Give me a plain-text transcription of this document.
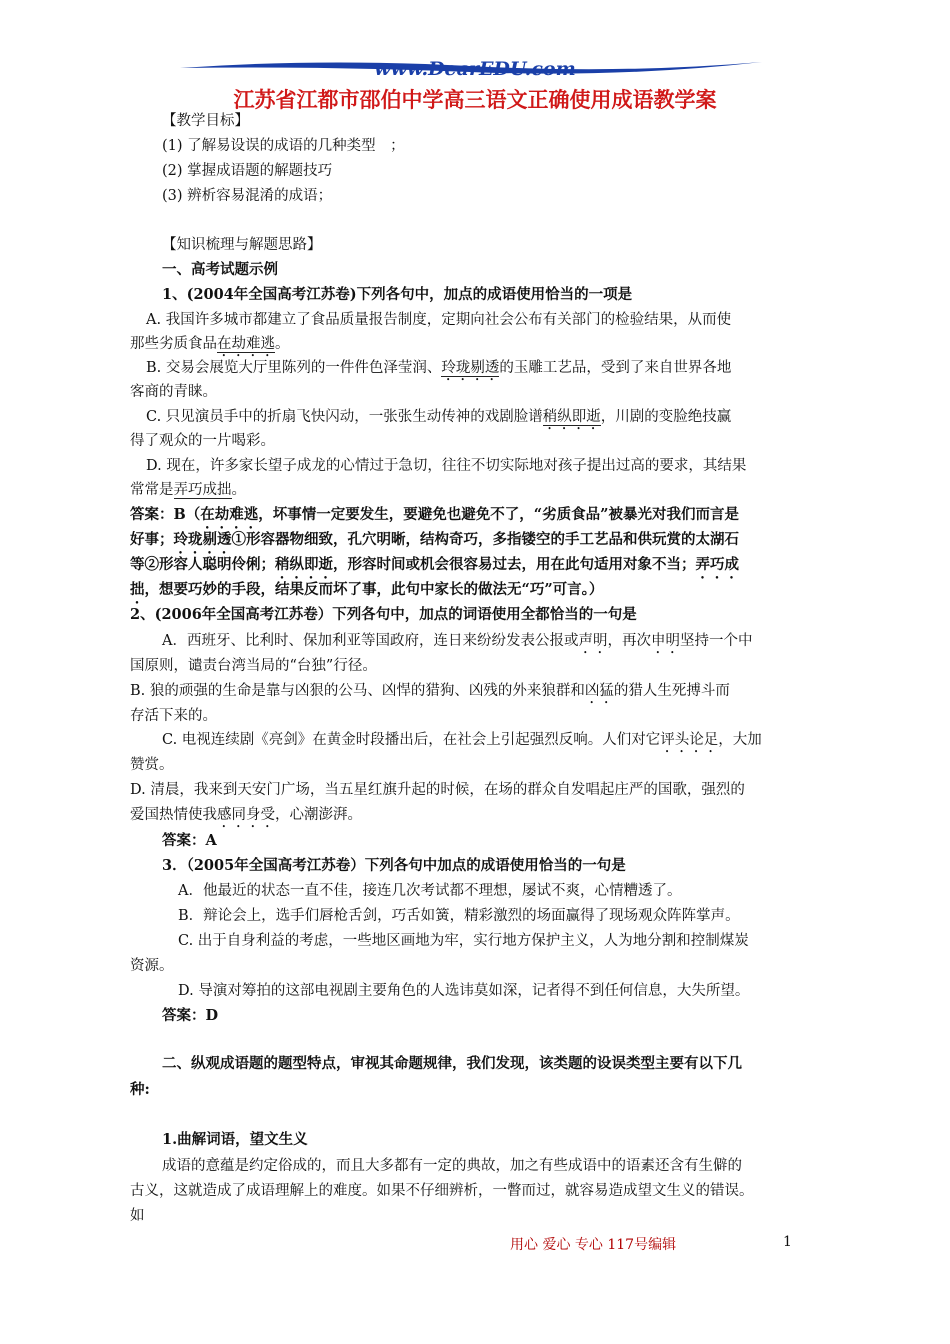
www.DearEDU.com
江苏省江都市邵伯中学高三语文正确使用成语教学案
【教学目标】
(1) 了解易设误的成语的几种类型　；
(2) 掌握成语题的解题技巧
(3) 辨析容易混淆的成语；
【知识梳理与解题思路】
一、高考试题示例
1、(2004年全国高考江苏卷)下列各句中，加点的成语使用恰当的一项是
A. 我国许多城市都建立了食品质量报告制度，定期向社会公布有关部门的检验结果，从而使
那些劣质食品在劫难逃。
B. 交易会展览大厅里陈列的一件件色泽莹润、玲珑剔透的玉雕工艺品，受到了来自世界各地
客商的青睐。
C. 只见演员手中的折扇飞快闪动，一张张生动传神的戏剧脸谱稍纵即逝，川剧的变脸绝技赢
得了观众的一片喝彩。
D. 现在，许多家长望子成龙的心情过于急切，往往不切实际地对孩子提出过高的要求，其结果
常常是弄巧成拙。
答案：B（在劫难逃，坏事情一定要发生，要避免也避免不了，“劣质食品”被暴光对我们而言是
好事；玲珑剔透①形容器物细致，孔穴明晰，结构奇巧，多指镂空的手工艺品和供玩赏的太湖石
等②形容人聪明伶俐；稍纵即逝，形容时间或机会很容易过去，用在此句适用对象不当；弄巧成
拙，想要巧妙的手段，结果反而坏了事，此句中家长的做法无“巧”可言。）
2、(2006年全国高考江苏卷）下列各句中，加点的词语使用全都恰当的一句是
A．西班牙、比利时、保加利亚等国政府，连日来纷纷发表公报或声明，再次申明坚持一个中
国原则，谴责台湾当局的“台独”行径。
B. 狼的顽强的生命是靠与凶狠的公马、凶悍的猎狗、凶残的外来狼群和凶猛的猎人生死搏斗而
存活下来的。
C. 电视连续剧《亮剑》在黄金时段播出后，在社会上引起强烈反响。人们对它评头论足，大加
赞赏。
D. 清晨，我来到天安门广场，当五星红旗升起的时候，在场的群众自发唱起庄严的国歌，强烈的
爱国热情使我感同身受，心潮澎湃。
答案：A
3．（2005年全国高考江苏卷）下列各句中加点的成语使用恰当的一句是
A．他最近的状态一直不佳，接连几次考试都不理想，屡试不爽，心情糟透了。
B．辩论会上，选手们唇枪舌剑，巧舌如簧，精彩激烈的场面赢得了现场观众阵阵掌声。
C. 出于自身利益的考虑，一些地区画地为牢，实行地方保护主义，人为地分割和控制煤炭
资源。
D. 导演对筹拍的这部电视剧主要角色的人选讳莫如深，记者得不到任何信息，大失所望。
答案：D
二、纵观成语题的题型特点，审视其命题规律，我们发现，该类题的设误类型主要有以下几
种:
1.曲解词语，望文生义
成语的意蕴是约定俗成的，而且大多都有一定的典故，加之有些成语中的语素还含有生僻的
古义，这就造成了成语理解上的难度。如果不仔细辨析，一瞥而过，就容易造成望文生义的错误。
如
用心 爱心 专心 117号编辑	1
